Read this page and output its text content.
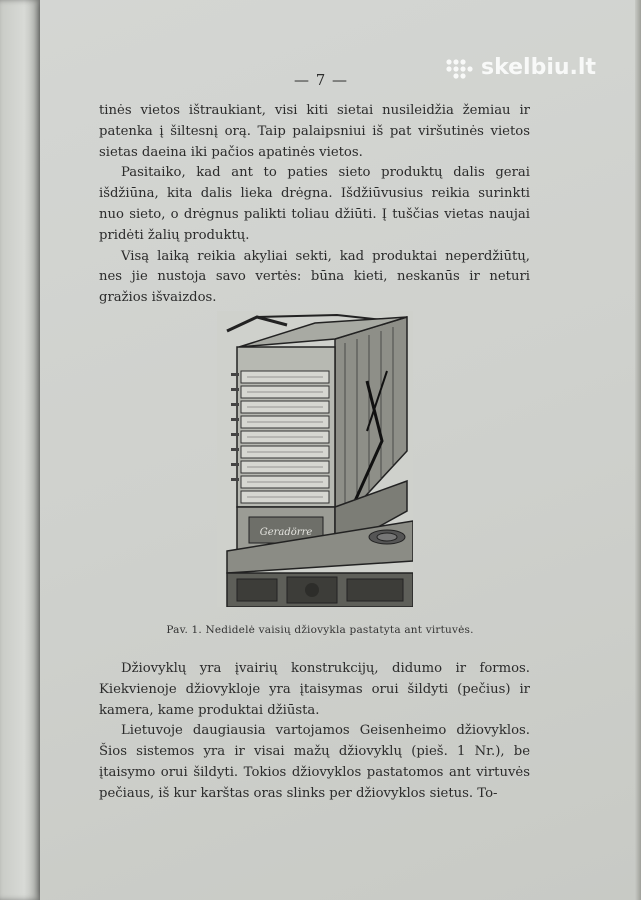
— 7 —	skelbiu.lt

tinės vietos ištraukiant, visi kiti sietai nusileidžia žemiau ir patenka į šiltesnį orą. Taip palaipsniui iš pat viršutinės vietos sietas daeina iki pačios apatinės vietos.

Pasitaiko, kad ant to paties sieto produktų dalis gerai išdžiūna, kita dalis lieka drėgna. Išdžiūvusius reikia surinkti nuo sieto, o drėgnus palikti toliau džiūti. Į tuščias vietas naujai pridėti žalių produktų.

Visą laiką reikia akyliai sekti, kad produktai neperdžiūtų, nes jie nustoja savo vertės: būna kieti, neskanūs ir neturi gražios išvaizdos.

Geradörre
Pav. 1. Nedidelė vaisių džiovykla pastatyta ant virtuvės.

Džiovyklų yra įvairių konstrukcijų, didumo ir formos. Kiekvienoje džiovykloje yra įtaisymas orui šildyti (pečius) ir kamera, kame produktai džiūsta.

Lietuvoje daugiausia vartojamos Geisenheimo džiovyklos. Šios sistemos yra ir visai mažų džiovyklų (pieš. 1 Nr.), be įtaisymo orui šildyti. Tokios džiovyklos pastatomos ant virtuvės pečiaus, iš kur karštas oras slinks per džiovyklos sietus. To-
